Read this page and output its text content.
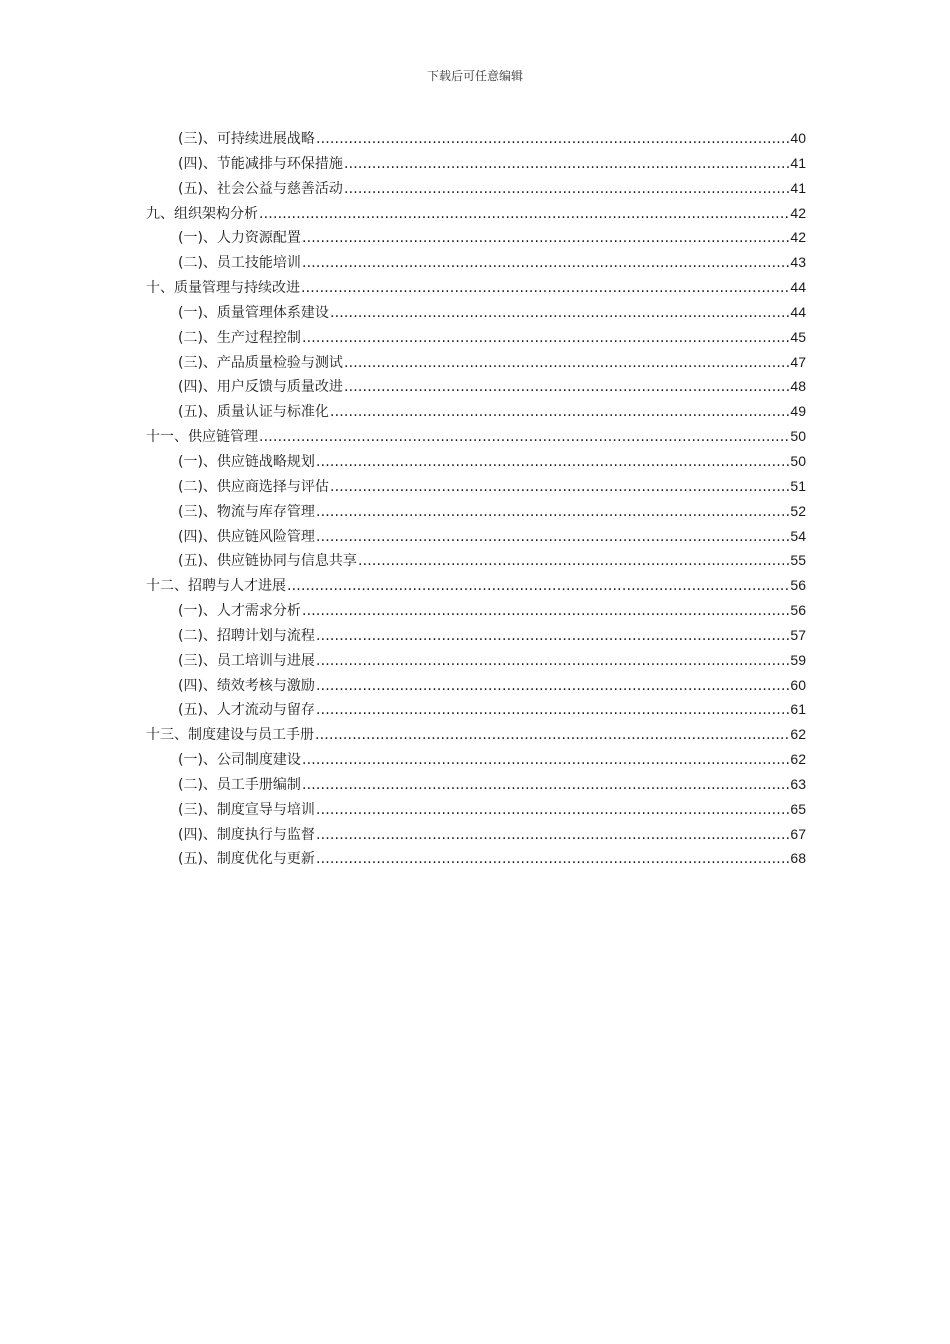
下载后可任意编辑
(三)、可持续进展战略 .....	40
(四)、节能减排与环保措施 .....	41
(五)、社会公益与慈善活动 .....	41
九、组织架构分析 .....	42
(一)、人力资源配置 .....	42
(二)、员工技能培训 .....	43
十、质量管理与持续改进 .....	44
(一)、质量管理体系建设 .....	44
(二)、生产过程控制 .....	45
(三)、产品质量检验与测试 .....	47
(四)、用户反馈与质量改进 .....	48
(五)、质量认证与标准化 .....	49
十一、供应链管理 .....	50
(一)、供应链战略规划 .....	50
(二)、供应商选择与评估 .....	51
(三)、物流与库存管理 .....	52
(四)、供应链风险管理 .....	54
(五)、供应链协同与信息共享 .....	55
十二、招聘与人才进展 .....	56
(一)、人才需求分析 .....	56
(二)、招聘计划与流程 .....	57
(三)、员工培训与进展 .....	59
(四)、绩效考核与激励 .....	60
(五)、人才流动与留存 .....	61
十三、制度建设与员工手册 .....	62
(一)、公司制度建设 .....	62
(二)、员工手册编制 .....	63
(三)、制度宣导与培训 .....	65
(四)、制度执行与监督 .....	67
(五)、制度优化与更新 .....	68
